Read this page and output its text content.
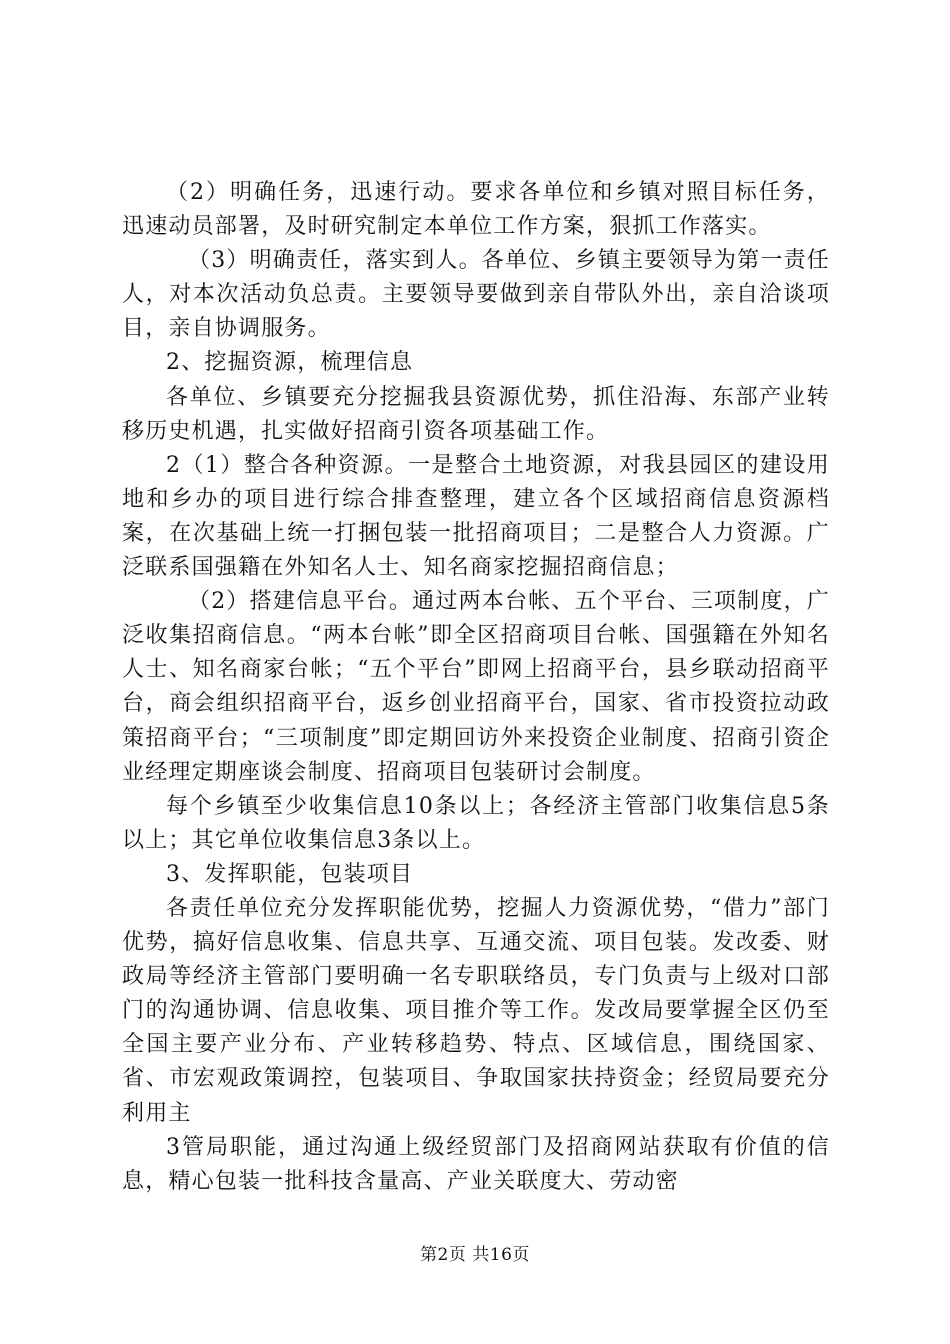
（2）明确任务，迅速行动。要求各单位和乡镇对照目标任务，迅速动员部署，及时研究制定本单位工作方案，狠抓工作落实。

（3）明确责任，落实到人。各单位、乡镇主要领导为第一责任人，对本次活动负总责。主要领导要做到亲自带队外出，亲自洽谈项目，亲自协调服务。

2、挖掘资源，梳理信息

各单位、乡镇要充分挖掘我县资源优势，抓住沿海、东部产业转移历史机遇，扎实做好招商引资各项基础工作。

2（1）整合各种资源。一是整合土地资源，对我县园区的建设用地和乡办的项目进行综合排查整理，建立各个区域招商信息资源档案，在次基础上统一打捆包装一批招商项目；二是整合人力资源。广泛联系国强籍在外知名人士、知名商家挖掘招商信息；

（2）搭建信息平台。通过两本台帐、五个平台、三项制度，广泛收集招商信息。“两本台帐”即全区招商项目台帐、国强籍在外知名人士、知名商家台帐；“五个平台”即网上招商平台，县乡联动招商平台，商会组织招商平台，返乡创业招商平台，国家、省市投资拉动政策招商平台；“三项制度”即定期回访外来投资企业制度、招商引资企业经理定期座谈会制度、招商项目包装研讨会制度。

每个乡镇至少收集信息10条以上；各经济主管部门收集信息5条以上；其它单位收集信息3条以上。

3、发挥职能，包装项目

各责任单位充分发挥职能优势，挖掘人力资源优势，“借力”部门优势，搞好信息收集、信息共享、互通交流、项目包装。发改委、财政局等经济主管部门要明确一名专职联络员，专门负责与上级对口部门的沟通协调、信息收集、项目推介等工作。发改局要掌握全区仍至全国主要产业分布、产业转移趋势、特点、区域信息，围绕国家、省、市宏观政策调控，包装项目、争取国家扶持资金；经贸局要充分利用主

3管局职能，通过沟通上级经贸部门及招商网站获取有价值的信息，精心包装一批科技含量高、产业关联度大、劳动密

第2页 共16页
